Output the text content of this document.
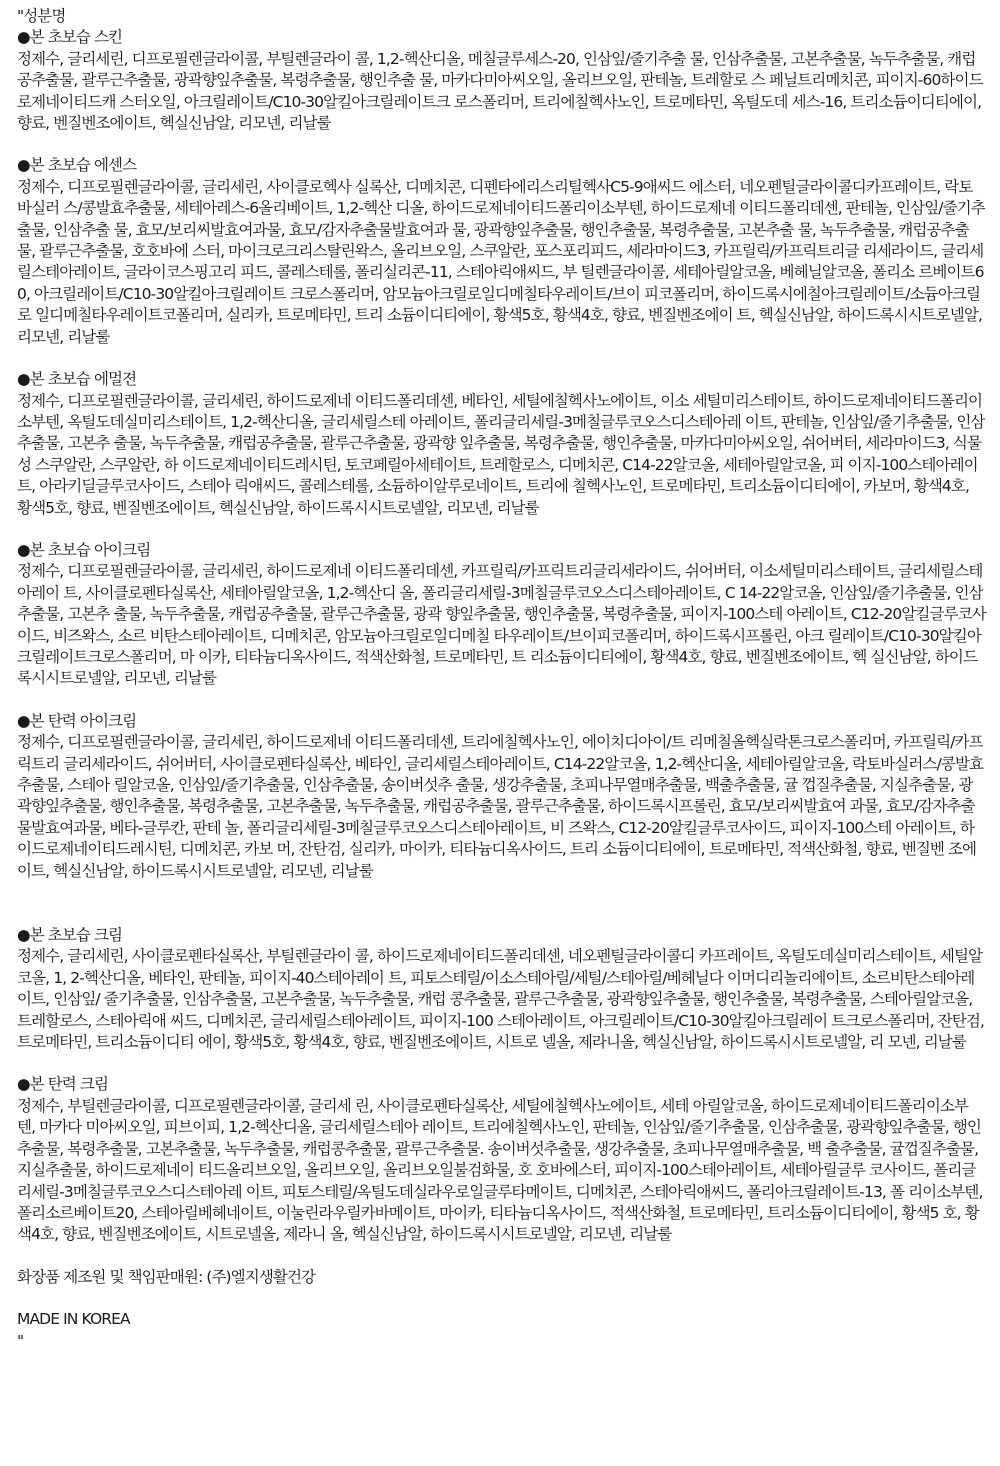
"성분명

●본 초보습 스킨

정제수, 글리세린, 디프로필렌글라이콜, 부틸렌글라이 콜, 1,2-헥산디올, 메칠글루세스-20, 인삼잎/줄기추출 물, 인삼추출물, 고본추출물, 녹두추출물, 캐럽공추출물, 괄루근추출물, 광곽향잎추출물, 복령추출물, 행인추출 물, 마카다미아씨오일, 올리브오일, 판테놀, 트레할로 스 페닐트리메치콘, 피이지-60하이드로제네이티드캐 스터오일, 아크릴레이트/C10-30알킬아크릴레이트크 로스폴리머, 트리에칠헥사노인, 트로메타민, 옥틸도데 세스-16, 트리소듐이디티에이, 향료, 벤질벤조에이트, 헥실신남알, 리모넨, 리날룰

●본 초보습 에센스

정제수, 디프로필렌글라이콜, 글리세린, 사이클로헥사 실록산, 디메치콘, 디펜타에리스리틸헥사C5-9애씨드 에스터, 네오펜틸글라이콜디카프레이트, 락토바실러 스/콩발효추출물, 세테아레스-6올리베이트, 1,2-헥산 디올, 하이드로제네이티드폴리이소부텐, 하이드로제네 이티드폴리데센, 판테놀, 인삼잎/줄기추출물, 인삼추출 물, 효모/보리씨발효여과물, 효모/감자추출물발효여과 물, 광곽향잎추출물, 행인추출물, 복령추출물, 고본추출 물, 녹두추출물, 캐럽공추출물, 괄루근추출물, 호호바에 스터, 마이크로크리스탈린왁스, 올리브오일, 스쿠알란, 포스포리피드, 세라마이드3, 카프릴릭/카프릭트리글 리세라이드, 글리세릴스테아레이트, 글라이코스핑고리 피드, 콜레스테롤, 폴리실리콘-11, 스테아릭애씨드, 부 틸렌글라이콜, 세테아릴알코올, 베헤닐알코올, 폴리소 르베이트60, 아크릴레이트/C10-30알킬아크릴레이트 크로스폴리머, 암모늄아크릴로일디메칠타우레이트/브이 피코폴리머, 하이드록시에칠아크릴레이트/소듐아크릴로 일디메칠타우레이트코폴리머, 실리카, 트로메타민, 트리 소듐이디티에이, 황색5호, 황색4호, 향료, 벤질벤조에이 트, 헥실신남알, 하이드록시시트로넬알, 리모넨, 리날룰

●본 초보습 에멀젼

정제수, 디프로필렌글라이콜, 글리세린, 하이드로제네 이티드폴리데센, 베타인, 세틸에칠헥사노에이트, 이소 세틸미리스테이트, 하이드로제네이티드폴리이소부텐, 옥틸도데실미리스테이트, 1,2-헥산디올, 글리세릴스테 아레이트, 폴리글리세릴-3메칠글루코오스디스테아레 이트, 판테놀, 인삼잎/줄기추출물, 인삼추출물, 고본추 출물, 녹두추출물, 캐럽공추출물, 괄루근추출물, 광곽향 잎추출물, 복령추출물, 행인추출물, 마카다미아씨오일, 쉬어버터, 세라마이드3, 식물성 스쿠알란, 스쿠알란, 하 이드로제네이티드레시틴, 토코페릴아세테이트, 트레할로스, 디메치콘, C14-22알코올, 세테아릴알코올, 피 이지-100스테아레이트, 아라키딜글루코사이드, 스테아 릭애씨드, 콜레스테롤, 소듐하이알루로네이트, 트리에 칠헥사노인, 트로메타민, 트리소듐이디티에이, 카보머, 황색4호, 황색5호, 향료, 벤질벤조에이트, 헥실신남알, 하이드록시시트로넬알, 리모넨, 리날룰

●본 초보습 아이크림

정제수, 디프로필렌글라이콜, 글리세린, 하이드로제네 이티드폴리데센, 카프릴릭/카프릭트리글리세라이드, 쉬어버터, 이소세틸미리스테이트, 글리세릴스테아레이 트, 사이클로펜타실록산, 세테아릴알코올, 1,2-헥산디 올, 폴리글리세릴-3메칠글루코오스디스테아레이트, C 14-22알코올, 인삼잎/줄기추출물, 인삼추출물, 고본추 출물, 녹두추출물, 캐럽공추출물, 괄루근추출물, 광곽 향잎추출물, 행인추출물, 복령추출물, 피이지-100스테 아레이트, C12-20알킬글루코사이드, 비즈왁스, 소르 비탄스테아레이트, 디메치콘, 암모늄아크릴로일디메칠 타우레이트/브이피코폴리머, 하이드록시프롤린, 아크 릴레이트/C10-30알킬아크릴레이트크로스폴리머, 마 이카, 티타늄디옥사이드, 적색산화철, 트로메타민, 트 리소듐이디티에이, 황색4호, 향료, 벤질벤조에이트, 헥 실신남알, 하이드록시시트로넬알, 리모넨, 리날룰

●본 탄력 아이크림

정제수, 디프로필렌글라이콜, 글리세린, 하이드로제네 이티드폴리데센, 트리에칠헥사노인, 에이치디아이/트 리메칠올헥실락톤크로스폴리머, 카프릴릭/카프릭트리 글리세라이드, 쉬어버터, 사이클로펜타실록산, 베타인, 글리세릴스테아레이트, C14-22알코올, 1,2-헥산디올, 세테아릴알코올, 락토바실러스/콩발효추출물, 스테아 릴알코올, 인삼잎/줄기추출물, 인삼추출물, 송이버섯추 출물, 생강추출물, 초피나무열매추출물, 백출추출물, 귤 껍질추출물, 지실추출물, 광곽향잎추출물, 행인추출물, 복령추출물, 고본추출물, 녹두추출물, 캐럽공추출물, 괄루근추출물, 하이드록시프롤린, 효모/보리씨발효여 과물, 효모/감자추출물발효여과물, 베타-글루칸, 판테 놀, 폴리글리세릴-3메칠글루코오스디스테아레이트, 비 즈왁스, C12-20알킬글루코사이드, 피이지-100스테 아레이트, 하이드로제네이티드레시틴, 디메치콘, 카보 머, 잔탄검, 실리카, 마이카, 티타늄디옥사이드, 트리 소듐이디티에이, 트로메타민, 적색산화철, 향료, 벤질벤 조에이트, 헥실신남알, 하이드록시시트로넬알, 리모넨, 리날룰

●본 초보습 크림

정제수, 글리세린, 사이클로펜타실록산, 부틸렌글라이 콜, 하이드로제네이티드폴리데센, 네오펜틸글라이콜디 카프레이트, 옥틸도데실미리스테이트, 세틸알코올, 1, 2-헥산디올, 베타인, 판테놀, 피이지-40스테아레이 트, 피토스테릴/이소스테아릴/세틸/스테아릴/베헤닐다 이머디리놀리에이트, 소르비탄스테아레이트, 인삼잎/ 줄기추출물, 인삼추출물, 고본추출물, 녹두추출물, 캐럽 콩추출물, 괄루근추출물, 광곽향잎추출물, 행인추출물, 복령추출물, 스테아릴알코올, 트레할로스, 스테아릭애 씨드, 디메치콘, 글리세릴스테아레이트, 피이지-100 스테아레이트, 아크릴레이트/C10-30알킬아크릴레이 트크로스폴리머, 잔탄검, 트로메타민, 트리소듐이디티 에이, 황색5호, 황색4호, 향료, 벤질벤조에이트, 시트로 넬올, 제라니올, 헥실신남알, 하이드록시시트로넬알, 리 모넨, 리날룰

●본 탄력 크림

정제수, 부틸렌글라이콜, 디프로필렌글라이콜, 글리세 린, 사이클로펜타실록산, 세틸에칠헥사노에이트, 세테 아릴알코올, 하이드로제네이티드폴리이소부텐, 마카다 미아씨오일, 피브이피, 1,2-헥산디올, 글리세릴스테아 레이트, 트리에칠헥사노인, 판테놀, 인삼잎/줄기추출물, 인삼추출물, 광곽향잎추출물, 행인추출물, 복령추출물, 고본추출물, 녹두추출물, 캐럽콩추출물, 괄루근추출물. 송이버섯추출물, 생강추출물, 초피나무열매추출물, 백 출추출물, 귤껍질추출물, 지실추출물, 하이드로제네이 티드올리브오일, 올리브오일, 올리브오일불검화물, 호 호바에스터, 피이지-100스테아레이트, 세테아릴글루 코사이드, 폴리글리세릴-3메칠글루코오스디스테아레 이트, 피토스테릴/옥틸도데실라우로일글루타메이트, 디메치콘, 스테아릭애씨드, 폴리아크릴레이트-13, 폴 리이소부텐, 폴리소르베이트20, 스테아릴베헤네이트, 이눌린라우릴카바메이트, 마이카, 티타늄디옥사이드, 적색산화철, 트로메타민, 트리소듐이디티에이, 황색5 호, 황색4호, 향료, 벤질벤조에이트, 시트로넬올, 제라니 올, 헥실신남알, 하이드록시시트로넬알, 리모넨, 리날룰

화장품 제조원 및 책임판매원: (주)엘지생활건강

MADE IN KOREA

"
